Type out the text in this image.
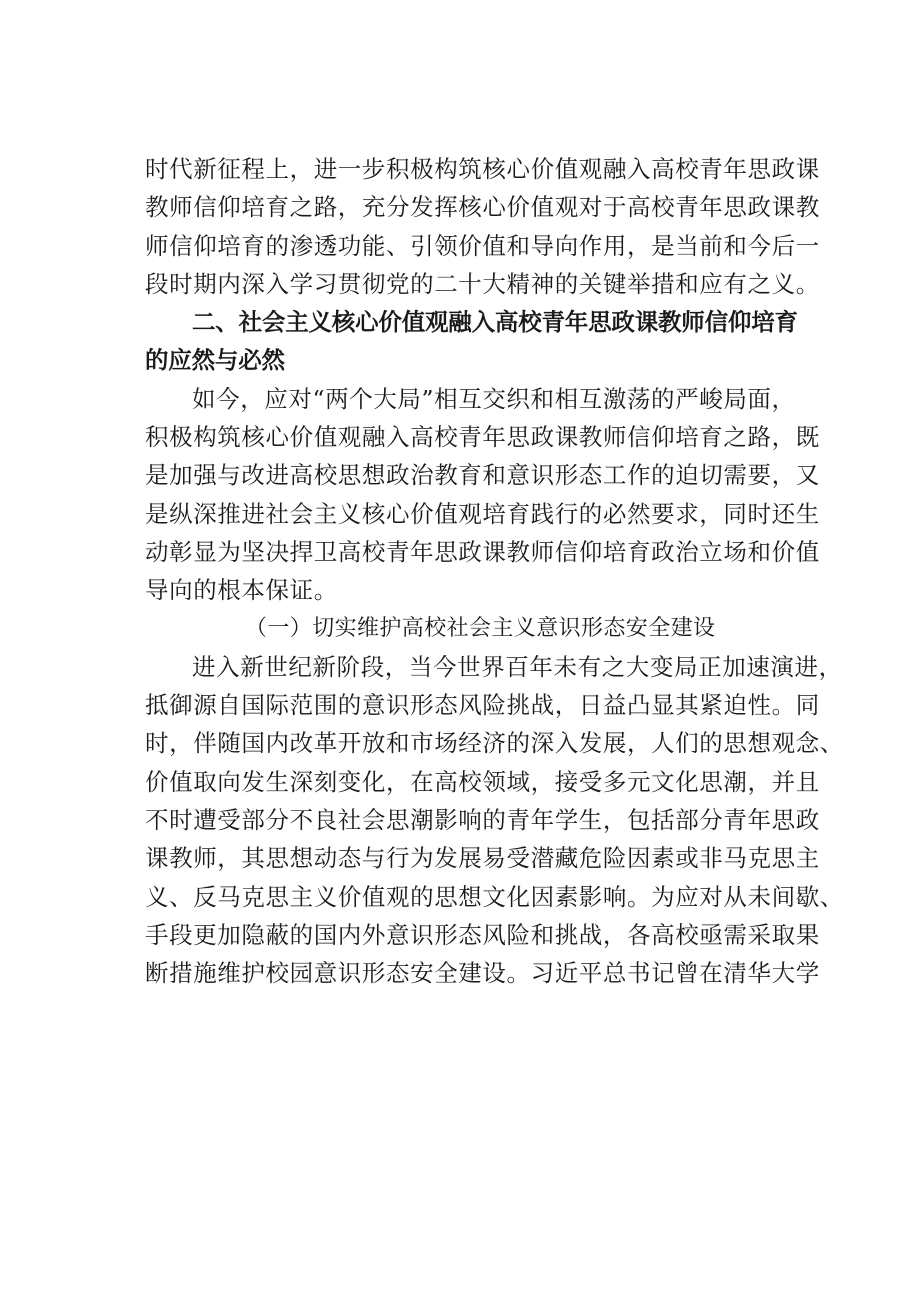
时代新征程上，进一步积极构筑核心价值观融入高校青年思政课
教师信仰培育之路，充分发挥核心价值观对于高校青年思政课教
师信仰培育的渗透功能、引领价值和导向作用，是当前和今后一
段时期内深入学习贯彻党的二十大精神的关键举措和应有之义。
二、社会主义核心价值观融入高校青年思政课教师信仰培育
的应然与必然
如今，应对“两个大局”相互交织和相互激荡的严峻局面，
积极构筑核心价值观融入高校青年思政课教师信仰培育之路，既
是加强与改进高校思想政治教育和意识形态工作的迫切需要，又
是纵深推进社会主义核心价值观培育践行的必然要求，同时还生
动彰显为坚决捍卫高校青年思政课教师信仰培育政治立场和价值
导向的根本保证。
（一）切实维护高校社会主义意识形态安全建设
进入新世纪新阶段，当今世界百年未有之大变局正加速演进，
抵御源自国际范围的意识形态风险挑战，日益凸显其紧迫性。同
时，伴随国内改革开放和市场经济的深入发展，人们的思想观念、
价值取向发生深刻变化，在高校领域，接受多元文化思潮，并且
不时遭受部分不良社会思潮影响的青年学生，包括部分青年思政
课教师，其思想动态与行为发展易受潜藏危险因素或非马克思主
义、反马克思主义价值观的思想文化因素影响。为应对从未间歇、
手段更加隐蔽的国内外意识形态风险和挑战，各高校亟需采取果
断措施维护校园意识形态安全建设。习近平总书记曾在清华大学
